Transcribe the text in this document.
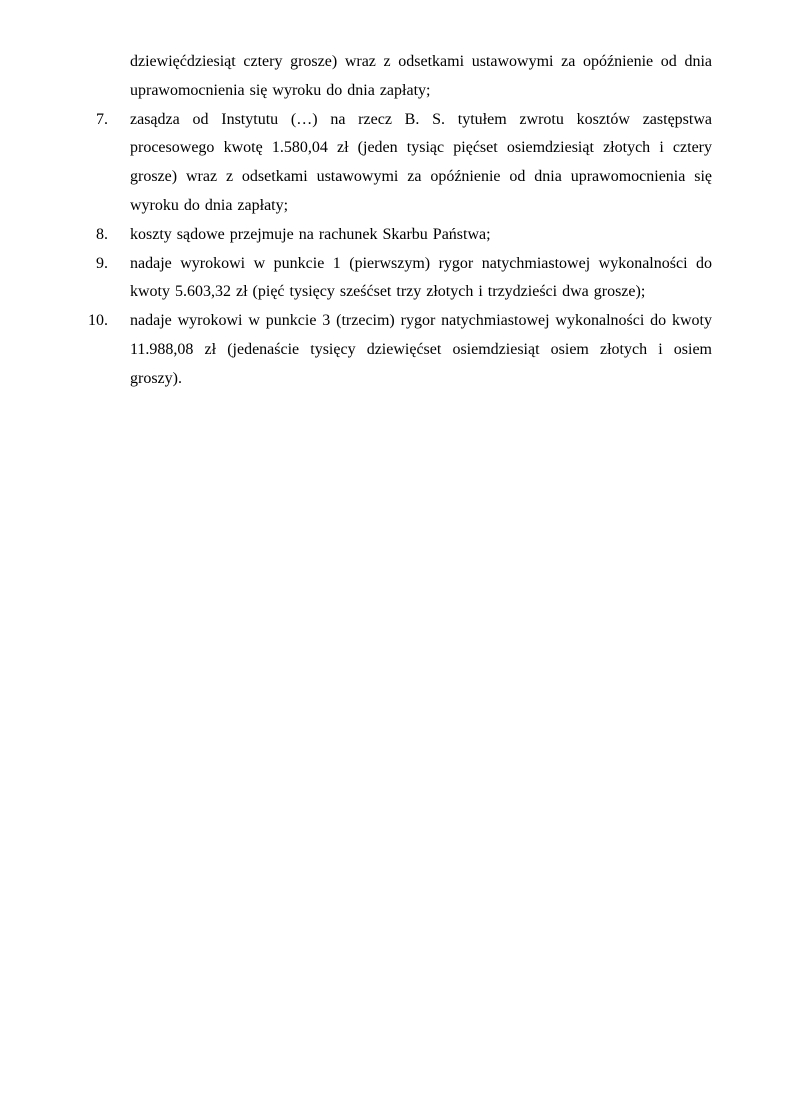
dziewięćdziesiąt cztery grosze) wraz z odsetkami ustawowymi za opóźnienie od dnia uprawomocnienia się wyroku do dnia zapłaty;
7. zasądza od Instytutu (…) na rzecz B. S. tytułem zwrotu kosztów zastępstwa procesowego kwotę 1.580,04 zł (jeden tysiąc pięćset osiemdziesiąt złotych i cztery grosze) wraz z odsetkami ustawowymi za opóźnienie od dnia uprawomocnienia się wyroku do dnia zapłaty;
8. koszty sądowe przejmuje na rachunek Skarbu Państwa;
9. nadaje wyrokowi w punkcie 1 (pierwszym) rygor natychmiastowej wykonalności do kwoty 5.603,32 zł (pięć tysięcy sześćset trzy złotych i trzydzieści dwa grosze);
10. nadaje wyrokowi w punkcie 3 (trzecim) rygor natychmiastowej wykonalności do kwoty 11.988,08 zł (jedenaście tysięcy dziewięćset osiemdziesiąt osiem złotych i osiem groszy).
